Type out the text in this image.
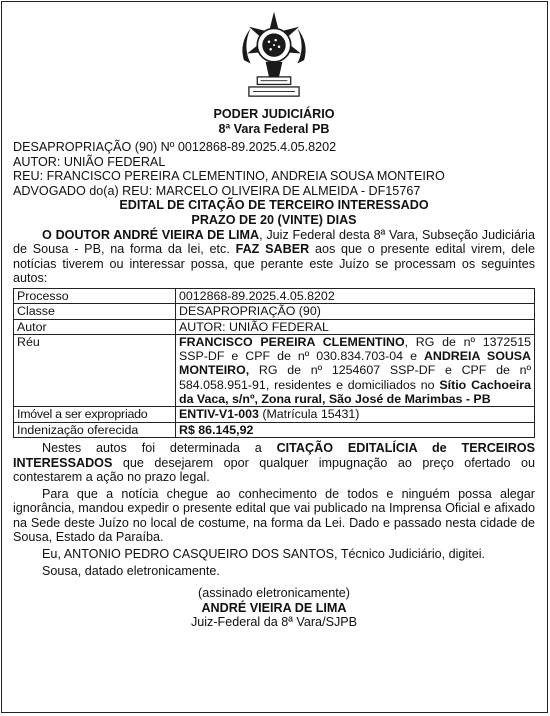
PODER JUDICIÁRIO
8ª Vara Federal PB
DESAPROPRIAÇÃO (90) Nº 0012868-89.2025.4.05.8202
AUTOR: UNIÃO FEDERAL
REU: FRANCISCO PEREIRA CLEMENTINO, ANDREIA SOUSA MONTEIRO
ADVOGADO do(a) REU: MARCELO OLIVEIRA DE ALMEIDA - DF15767
EDITAL DE CITAÇÃO DE TERCEIRO INTERESSADO
PRAZO DE 20 (VINTE) DIAS
O DOUTOR ANDRÉ VIEIRA DE LIMA, Juiz Federal desta 8ª Vara, Subseção Judiciária de Sousa - PB, na forma da lei, etc. FAZ SABER aos que o presente edital virem, dele notícias tiverem ou interessar possa, que perante este Juízo se processam os seguintes autos:
Processo	0012868-89.2025.4.05.8202
Classe	DESAPROPRIAÇÃO (90)
Autor	AUTOR: UNIÃO FEDERAL
Réu	FRANCISCO PEREIRA CLEMENTINO, RG de nº 1372515 SSP-DF e CPF de nº 030.834.703-04 e ANDREIA SOUSA MONTEIRO, RG de nº 1254607 SSP-DF e CPF de nº 584.058.951-91, residentes e domiciliados no Sítio Cachoeira da Vaca, s/nº, Zona rural, São José de Marimbas - PB
Imóvel a ser expropriado	ENTIV-V1-003 (Matrícula 15431)
Indenização oferecida	R$ 86.145,92
Nestes autos foi determinada a CITAÇÃO EDITALÍCIA de TERCEIROS INTERESSADOS que desejarem opor qualquer impugnação ao preço ofertado ou contestarem a ação no prazo legal.
Para que a notícia chegue ao conhecimento de todos e ninguém possa alegar ignorância, mandou expedir o presente edital que vai publicado na Imprensa Oficial e afixado na Sede deste Juízo no local de costume, na forma da Lei. Dado e passado nesta cidade de Sousa, Estado da Paraíba.
Eu, ANTONIO PEDRO CASQUEIRO DOS SANTOS, Técnico Judiciário, digitei.
Sousa, datado eletronicamente.
(assinado eletronicamente)
ANDRÉ VIEIRA DE LIMA
Juiz-Federal da 8ª Vara/SJPB
